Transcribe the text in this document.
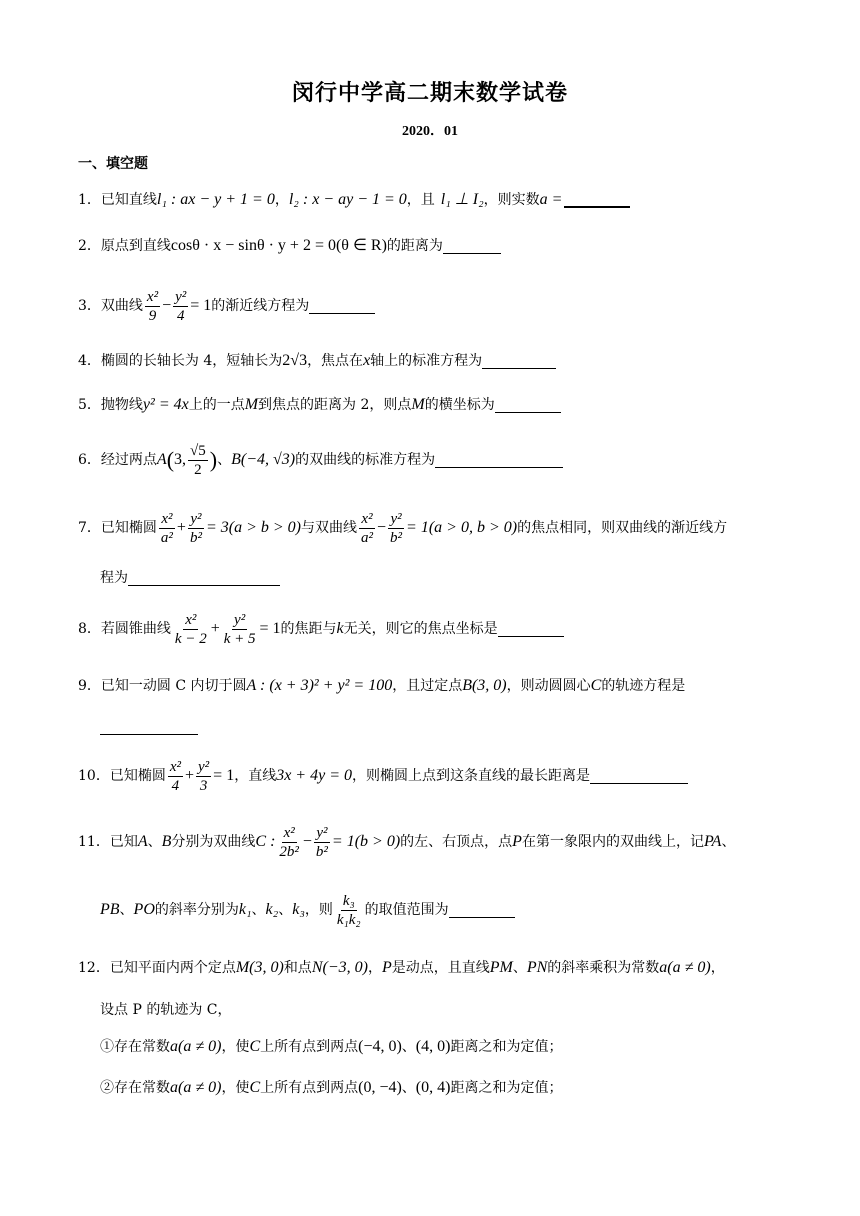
闵行中学高二期末数学试卷
2020．01
一、填空题
1． 已知直线 l₁ : ax − y + 1 = 0 ， l₂ : x − ay − 1 = 0 ，且 l₁ ⊥ I₂ ，则实数 a =
2． 原点到直线 cosθ · x − sinθ · y + 2 = 0(θ ∈ R) 的距离为
3． 双曲线 $\frac{\text{x²}}{9} - \frac{\text{y²}}{4} = 1$ 的渐近线方程为
4． 椭圆的长轴长为 4，短轴长为 2√3 ，焦点在 x 轴上的标准方程为
5． 抛物线 y² = 4x 上的一点 M 到焦点的距离为 2，则点 M 的横坐标为
6． 经过两点 A ( 3, $\frac{√5}{2}$ ) 、 B(−4, √3) 的双曲线的标准方程为
7． 已知椭圆 $\frac{\text{x²}}{\text{a²}} + \frac{\text{y²}}{\text{b²}} = 3(a > b > 0)$ 与双曲线 $\frac{\text{x²}}{\text{a²}} - \frac{\text{y²}}{\text{b²}} = 1(a > 0$, b > 0) 的焦点相同，则双曲线的渐近线方
程为
8． 若圆锥曲线 $\frac{\text{x²}}{k - 2} + \frac{\text{y²}}{k + 5} = 1$ 的焦距与 k 无关，则它的焦点坐标是
9． 已知一动圆 C 内切于圆 A : (x + 3)² + y² = 100 ，且过定点 B(3, 0) ，则动圆圆心 C 的轨迹方程是
10． 已知椭圆 $\frac{\text{x²}}{4} + \frac{\text{y²}}{3} = 1$ ，直线 3x + 4y = 0 ，则椭圆上点到这条直线的最长距离是
11． 已知 A 、 B 分别为双曲线 C : $\frac{\text{x²}}{\text{2b²}} - \frac{\text{y²}}{\text{b²}} = 1(b > 0)$ 的左、右顶点，点 P 在第一象限内的双曲线上，记 PA 、
PB 、 PO 的斜率分别为 k₁ 、 k₂ 、 k₃ ，则 $\frac{\text{k₃}}{\text{k₁k₂}}$ 的取值范围为
12． 已知平面内两个定点 M(3, 0) 和点 N(−3, 0) ， P 是动点，且直线 PM 、 PN 的斜率乘积为常数 a(a ≠ 0) ，
设点 P 的轨迹为 C，
①存在常数 a(a ≠ 0) ，使 C 上所有点到两点 (−4, 0) 、 (4, 0) 距离之和为定值；
②存在常数 a(a ≠ 0) ，使 C 上所有点到两点 (0, −4) 、 (0, 4) 距离之和为定值；
